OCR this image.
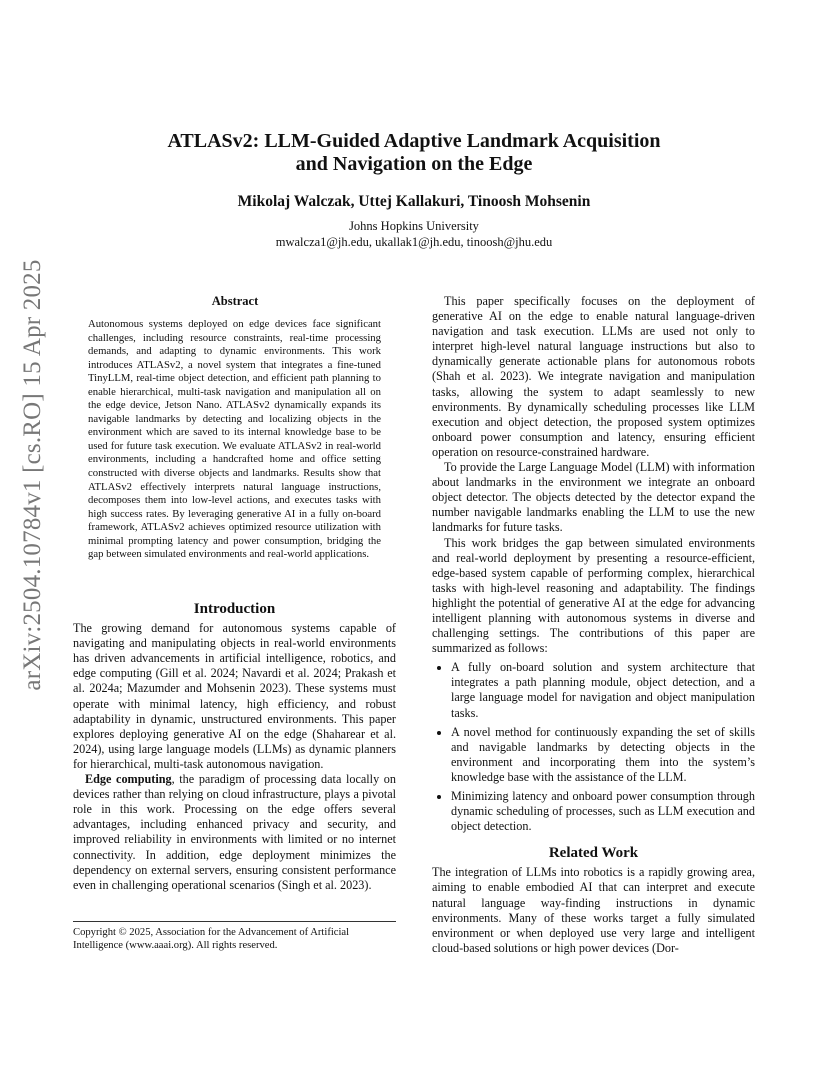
arXiv:2504.10784v1 [cs.RO] 15 Apr 2025
ATLASv2: LLM-Guided Adaptive Landmark Acquisition
and Navigation on the Edge
Mikolaj Walczak, Uttej Kallakuri, Tinoosh Mohsenin
Johns Hopkins University
mwalcza1@jh.edu, ukallak1@jh.edu, tinoosh@jhu.edu
Abstract

Autonomous systems deployed on edge devices face significant challenges, including resource constraints, real-time processing demands, and adapting to dynamic environments. This work introduces ATLASv2, a novel system that integrates a fine-tuned TinyLLM, real-time object detection, and efficient path planning to enable hierarchical, multi-task navigation and manipulation all on the edge device, Jetson Nano. ATLASv2 dynamically expands its navigable landmarks by detecting and localizing objects in the environment which are saved to its internal knowledge base to be used for future task execution. We evaluate ATLASv2 in real-world environments, including a handcrafted home and office setting constructed with diverse objects and landmarks. Results show that ATLASv2 effectively interprets natural language instructions, decomposes them into low-level actions, and executes tasks with high success rates. By leveraging generative AI in a fully on-board framework, ATLASv2 achieves optimized resource utilization with minimal prompting latency and power consumption, bridging the gap between simulated environments and real-world applications.

Introduction

The growing demand for autonomous systems capable of navigating and manipulating objects in real-world environments has driven advancements in artificial intelligence, robotics, and edge computing (Gill et al. 2024; Navardi et al. 2024; Prakash et al. 2024a; Mazumder and Mohsenin 2023). These systems must operate with minimal latency, high efficiency, and robust adaptability in dynamic, unstructured environments. This paper explores deploying generative AI on the edge (Shaharear et al. 2024), using large language models (LLMs) as dynamic planners for hierarchical, multi-task autonomous navigation.

Edge computing, the paradigm of processing data locally on devices rather than relying on cloud infrastructure, plays a pivotal role in this work. Processing on the edge offers several advantages, including enhanced privacy and security, and improved reliability in environments with limited or no internet connectivity. In addition, edge deployment minimizes the dependency on external servers, ensuring consistent performance even in challenging operational scenarios (Singh et al. 2023).

Copyright © 2025, Association for the Advancement of Artificial Intelligence (www.aaai.org). All rights reserved.

This paper specifically focuses on the deployment of generative AI on the edge to enable natural language-driven navigation and task execution. LLMs are used not only to interpret high-level natural language instructions but also to dynamically generate actionable plans for autonomous robots (Shah et al. 2023). We integrate navigation and manipulation tasks, allowing the system to adapt seamlessly to new environments. By dynamically scheduling processes like LLM execution and object detection, the proposed system optimizes onboard power consumption and latency, ensuring efficient operation on resource-constrained hardware.

To provide the Large Language Model (LLM) with information about landmarks in the environment we integrate an onboard object detector. The objects detected by the detector expand the number navigable landmarks enabling the LLM to use the new landmarks for future tasks.

This work bridges the gap between simulated environments and real-world deployment by presenting a resource-efficient, edge-based system capable of performing complex, hierarchical tasks with high-level reasoning and adaptability. The findings highlight the potential of generative AI at the edge for advancing intelligent planning with autonomous systems in diverse and challenging settings. The contributions of this paper are summarized as follows:

• A fully on-board solution and system architecture that integrates a path planning module, object detection, and a large language model for navigation and object manipulation tasks.
• A novel method for continuously expanding the set of skills and navigable landmarks by detecting objects in the environment and incorporating them into the system’s knowledge base with the assistance of the LLM.
• Minimizing latency and onboard power consumption through dynamic scheduling of processes, such as LLM execution and object detection.
Related Work

The integration of LLMs into robotics is a rapidly growing area, aiming to enable embodied AI that can interpret and execute natural language way-finding instructions in dynamic environments. Many of these works target a fully simulated environment or when deployed use very large and intelligent cloud-based solutions or high power devices (Dor-
